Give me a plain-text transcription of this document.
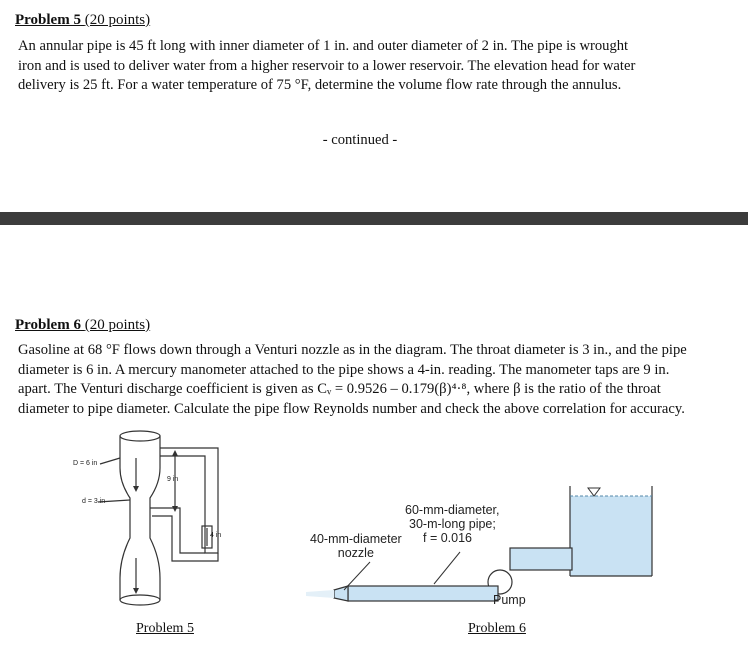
Problem 5 (20 points)
An annular pipe is 45 ft long with inner diameter of 1 in. and outer diameter of 2 in. The pipe is wrought
iron and is used to deliver water from a higher reservoir to a lower reservoir. The elevation head for water
delivery is 25 ft. For a water temperature of 75 °F, determine the volume flow rate through the annulus.
- continued -
Problem 6 (20 points)
Gasoline at 68 °F flows down through a Venturi nozzle as in the diagram. The throat diameter is 3 in., and the pipe
diameter is 6 in. A mercury manometer attached to the pipe shows a 4-in. reading. The manometer taps are 9 in.
apart. The Venturi discharge coefficient is given as Cᵥ = 0.9526 – 0.179(β)⁴·⁸, where β is the ratio of the throat
diameter to pipe diameter. Calculate the pipe flow Reynolds number and check the above correlation for accuracy.
D = 6 in
d = 3 in
9 in
4 in
Problem 5
60-mm-diameter,
30-m-long pipe;
f = 0.016
40-mm-diameter
nozzle
Pump
Problem 6
